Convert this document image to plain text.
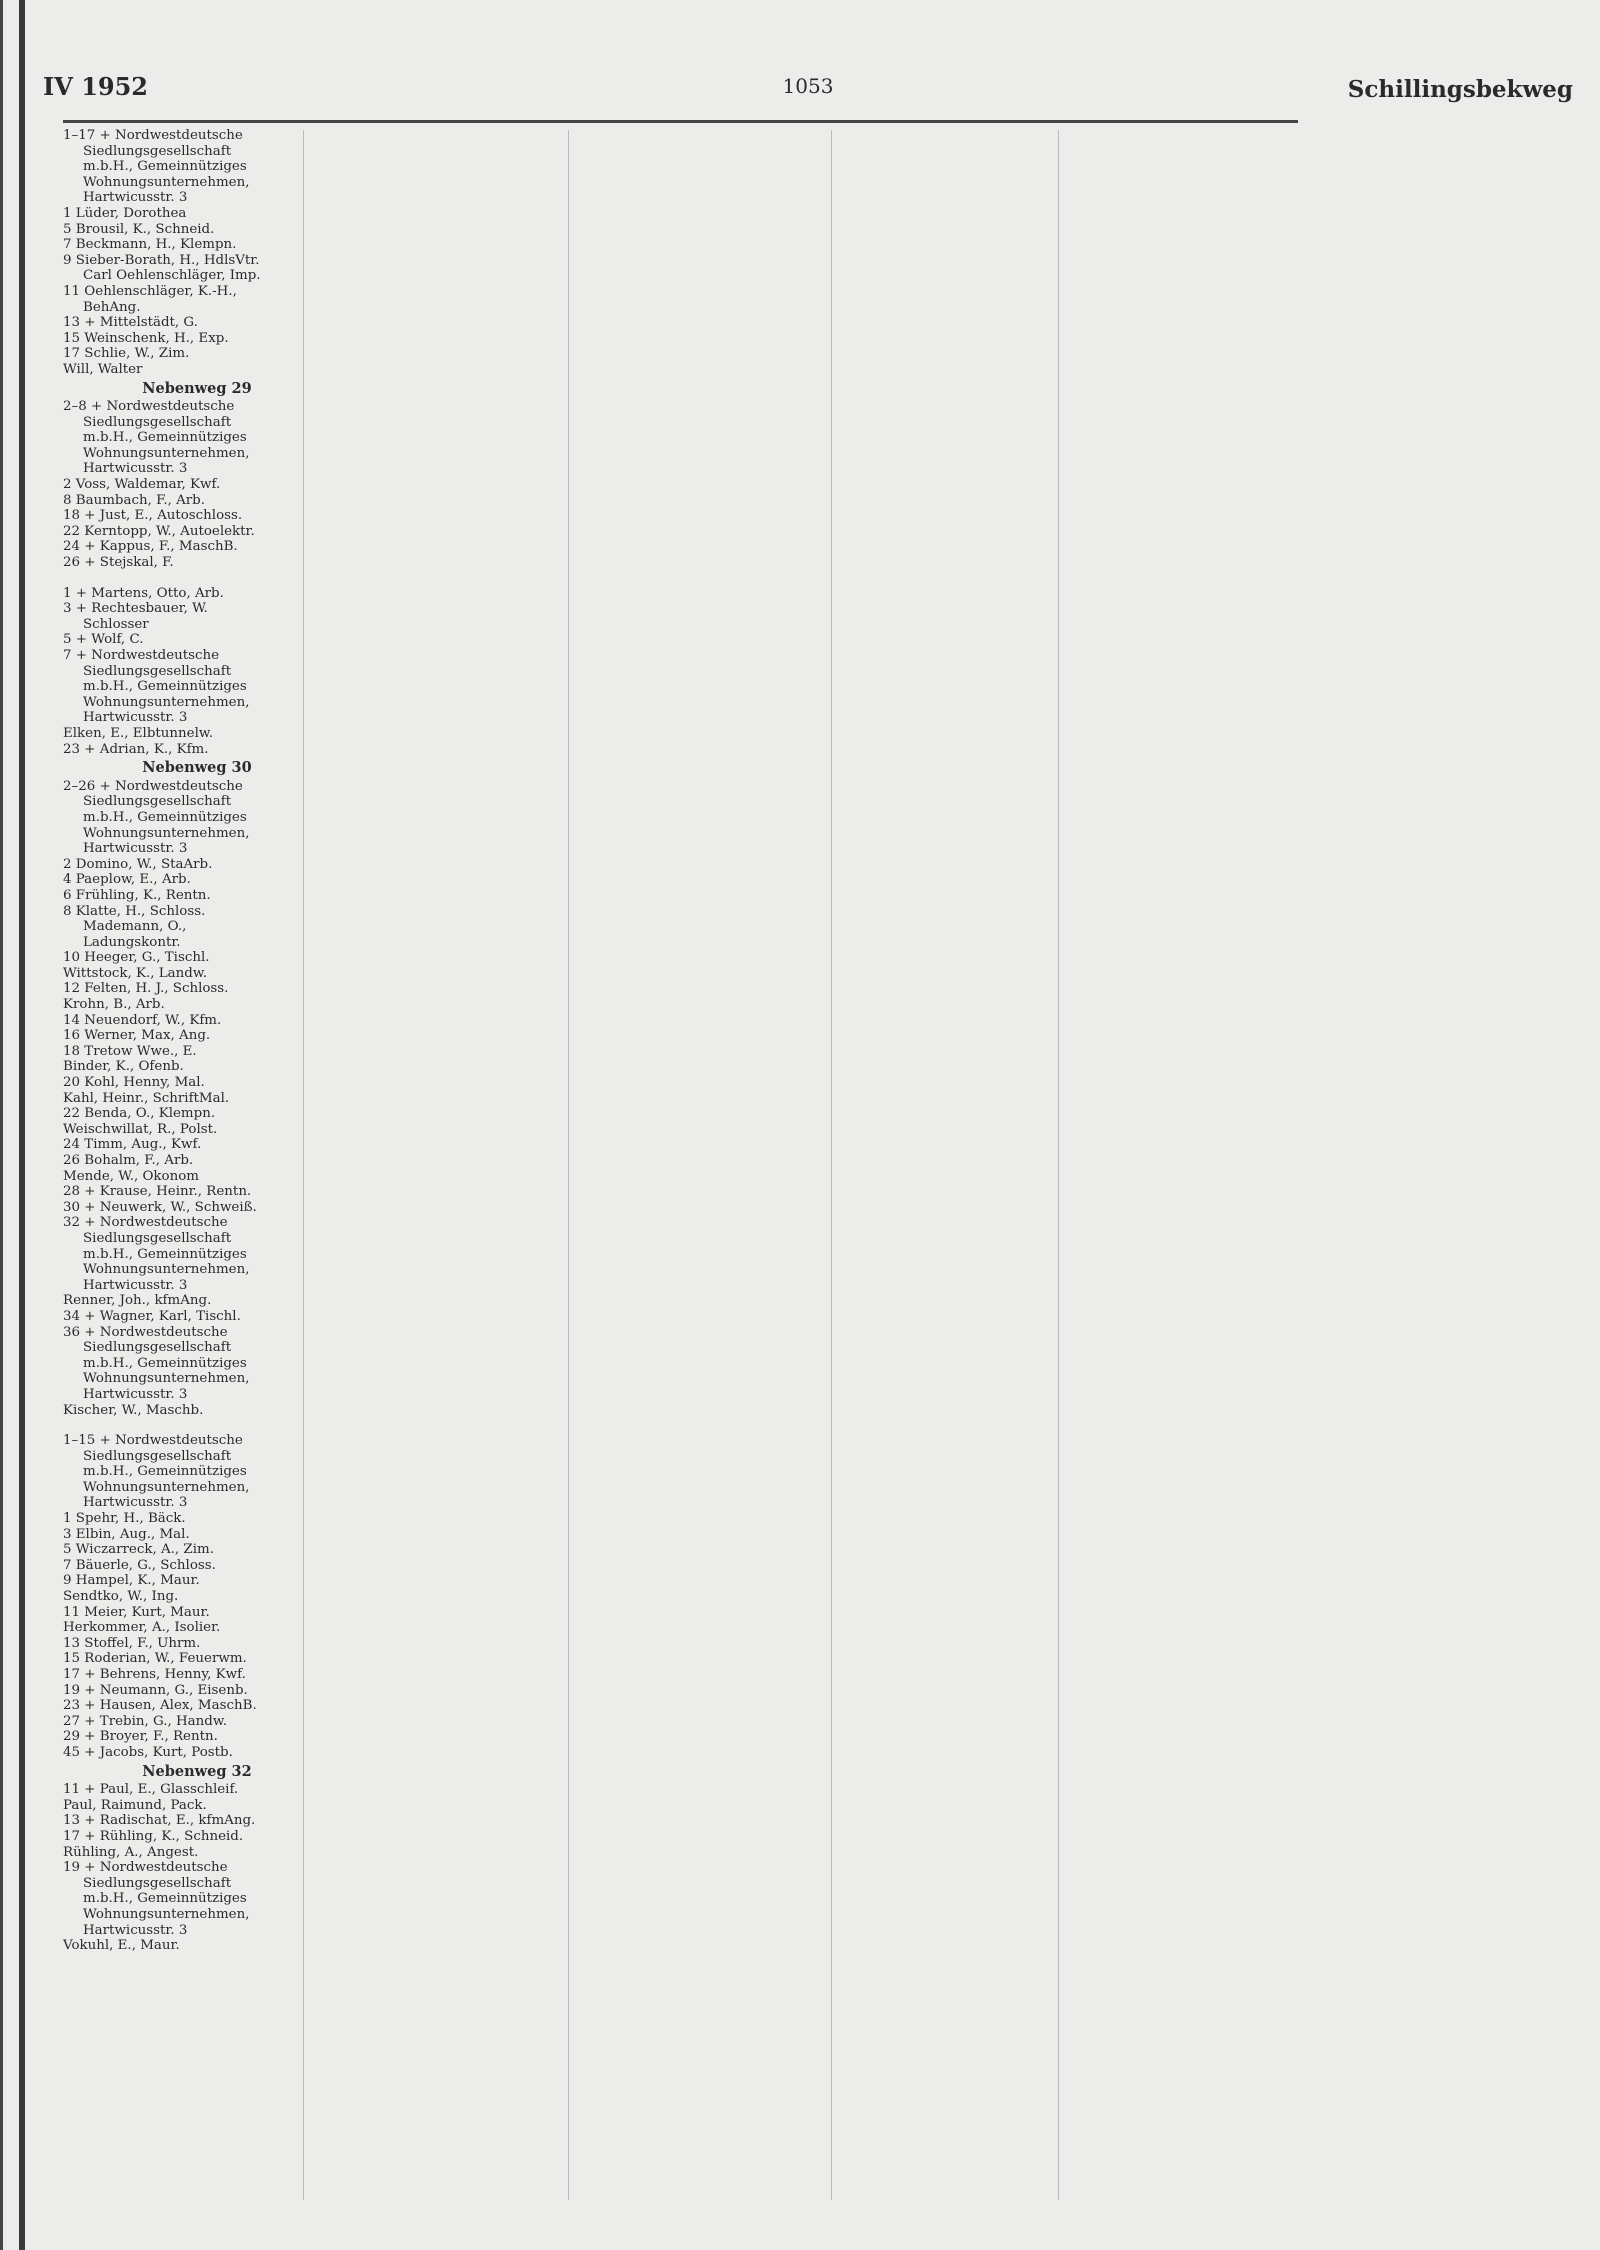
IV 1952	1053	Schillingsbekweg
1–17 + Nordwestdeutsche
Siedlungsgesellschaft
m.b.H., Gemeinnütziges
Wohnungsunternehmen,
Hartwicusstr. 3
1 Lüder, Dorothea
5 Brousil, K., Schneid.
7 Beckmann, H., Klempn.
9 Sieber-Borath, H., HdlsVtr.
Carl Oehlenschläger, Imp.
11 Oehlenschläger, K.-H.,
BehAng.
13 + Mittelstädt, G.
15 Weinschenk, H., Exp.
17 Schlie, W., Zim.
Will, Walter
Nebenweg 29
2–8 + Nordwestdeutsche
Siedlungsgesellschaft
m.b.H., Gemeinnütziges
Wohnungsunternehmen,
Hartwicusstr. 3
2 Voss, Waldemar, Kwf.
8 Baumbach, F., Arb.
18 + Just, E., Autoschloss.
22 Kerntopp, W., Autoelektr.
24 + Kappus, F., MaschB.
26 + Stejskal, F.
1 + Martens, Otto, Arb.
3 + Rechtesbauer, W.
Schlosser
5 + Wolf, C.
7 + Nordwestdeutsche
Siedlungsgesellschaft
m.b.H., Gemeinnütziges
Wohnungsunternehmen,
Hartwicusstr. 3
Elken, E., Elbtunnelw.
23 + Adrian, K., Kfm.
Nebenweg 30
2–26 + Nordwestdeutsche
Siedlungsgesellschaft
m.b.H., Gemeinnütziges
Wohnungsunternehmen,
Hartwicusstr. 3
2 Domino, W., StaArb.
4 Paeplow, E., Arb.
6 Frühling, K., Rentn.
8 Klatte, H., Schloss.
Mademann, O.,
Ladungskontr.
10 Heeger, G., Tischl.
Wittstock, K., Landw.
12 Felten, H. J., Schloss.
Krohn, B., Arb.
14 Neuendorf, W., Kfm.
16 Werner, Max, Ang.
18 Tretow Wwe., E.
Binder, K., Ofenb.
20 Kohl, Henny, Mal.
Kahl, Heinr., SchriftMal.
22 Benda, O., Klempn.
Weischwillat, R., Polst.
24 Timm, Aug., Kwf.
26 Bohalm, F., Arb.
Mende, W., Okonom
28 + Krause, Heinr., Rentn.
30 + Neuwerk, W., Schweiß.
32 + Nordwestdeutsche
Siedlungsgesellschaft
m.b.H., Gemeinnütziges
Wohnungsunternehmen,
Hartwicusstr. 3
Renner, Joh., kfmAng.
34 + Wagner, Karl, Tischl.
36 + Nordwestdeutsche
Siedlungsgesellschaft
m.b.H., Gemeinnütziges
Wohnungsunternehmen,
Hartwicusstr. 3
Kischer, W., Maschb.
1–15 + Nordwestdeutsche
Siedlungsgesellschaft
m.b.H., Gemeinnütziges
Wohnungsunternehmen,
Hartwicusstr. 3
1 Spehr, H., Bäck.
3 Elbin, Aug., Mal.
5 Wiczarreck, A., Zim.
7 Bäuerle, G., Schloss.
9 Hampel, K., Maur.
Sendtko, W., Ing.
11 Meier, Kurt, Maur.
Herkommer, A., Isolier.
13 Stoffel, F., Uhrm.
15 Roderian, W., Feuerwm.
17 + Behrens, Henny, Kwf.
19 + Neumann, G., Eisenb.
23 + Hausen, Alex, MaschB.
27 + Trebin, G., Handw.
29 + Broyer, F., Rentn.
45 + Jacobs, Kurt, Postb.
Nebenweg 32
11 + Paul, E., Glasschleif.
Paul, Raimund, Pack.
13 + Radischat, E., kfmAng.
17 + Rühling, K., Schneid.
Rühling, A., Angest.
19 + Nordwestdeutsche
Siedlungsgesellschaft
m.b.H., Gemeinnütziges
Wohnungsunternehmen,
Hartwicusstr. 3
Vokuhl, E., Maur.
